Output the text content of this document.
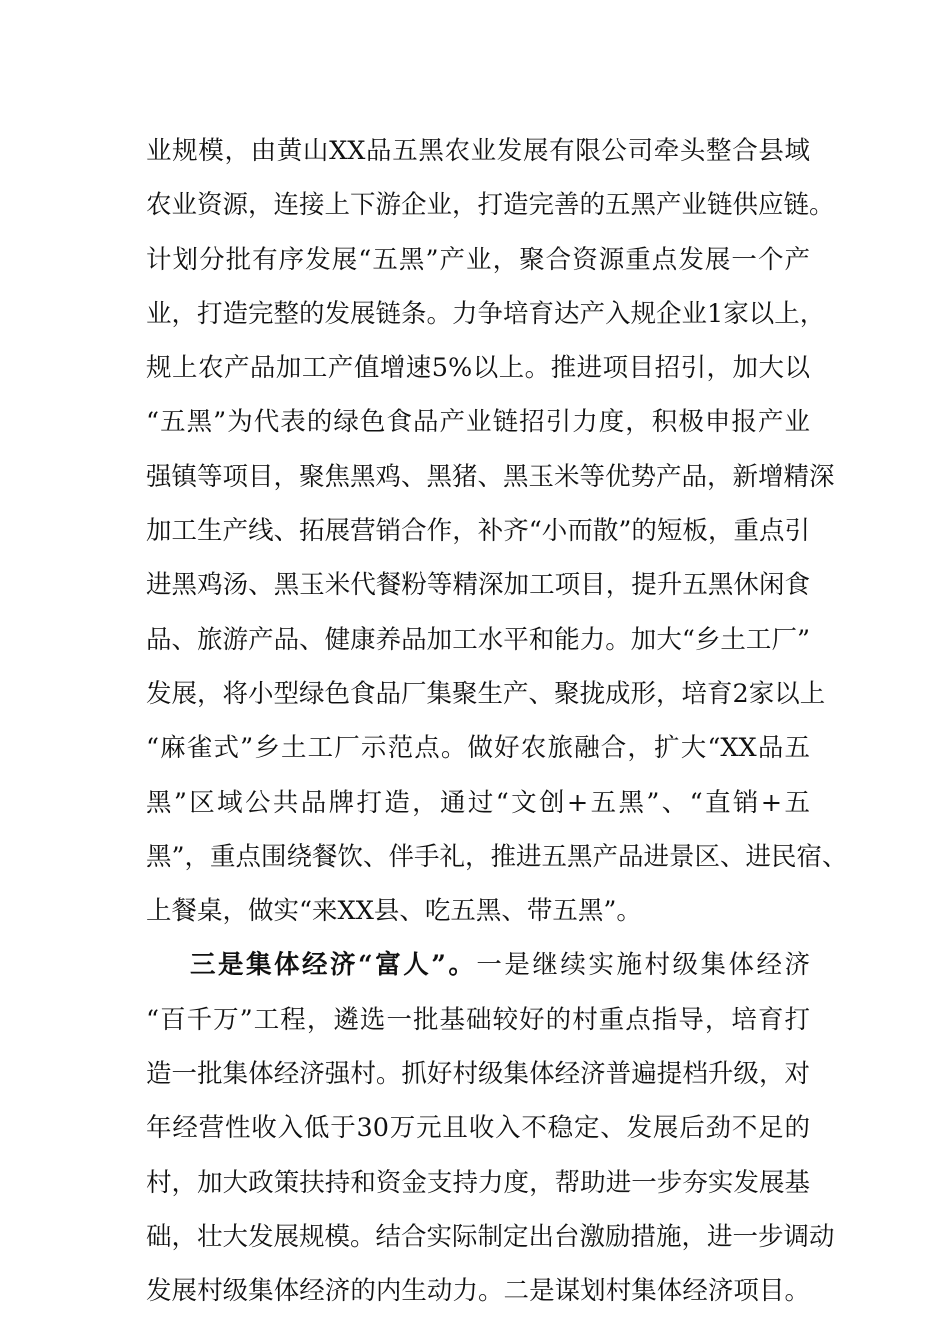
业规模，由黄山XX品五黑农业发展有限公司牵头整合县域
农业资源，连接上下游企业，打造完善的五黑产业链供应链。
计划分批有序发展“五黑”产业，聚合资源重点发展一个产
业，打造完整的发展链条。力争培育达产入规企业1家以上，
规上农产品加工产值增速5%以上。推进项目招引，加大以
“五黑”为代表的绿色食品产业链招引力度，积极申报产业
强镇等项目，聚焦黑鸡、黑猪、黑玉米等优势产品，新增精深
加工生产线、拓展营销合作，补齐“小而散”的短板，重点引
进黑鸡汤、黑玉米代餐粉等精深加工项目，提升五黑休闲食
品、旅游产品、健康养品加工水平和能力。加大“乡土工厂”
发展，将小型绿色食品厂集聚生产、聚拢成形，培育2家以上
“麻雀式”乡土工厂示范点。做好农旅融合，扩大“XX品五
黑”区域公共品牌打造，通过“文创+五黑”、“直销+五
黑”，重点围绕餐饮、伴手礼，推进五黑产品进景区、进民宿、
上餐桌，做实“来XX县、吃五黑、带五黑”。
三是集体经济“富人”。一是继续实施村级集体经济
“百千万”工程，遴选一批基础较好的村重点指导，培育打
造一批集体经济强村。抓好村级集体经济普遍提档升级，对
年经营性收入低于30万元且收入不稳定、发展后劲不足的
村，加大政策扶持和资金支持力度，帮助进一步夯实发展基
础，壮大发展规模。结合实际制定出台激励措施，进一步调动
发展村级集体经济的内生动力。二是谋划村集体经济项目。
